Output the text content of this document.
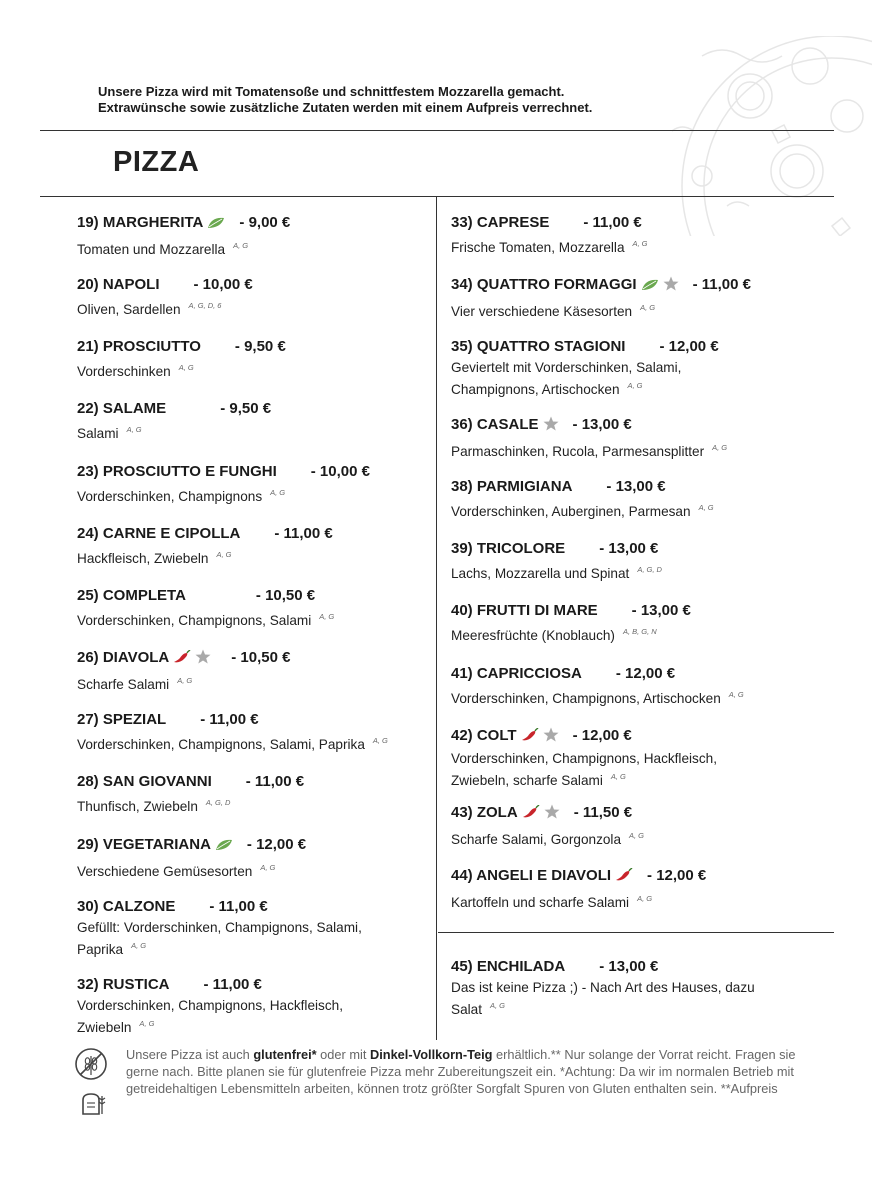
Unsere Pizza wird mit Tomatensoße und schnittfestem Mozzarella gemacht.
Extrawünsche sowie zusätzliche Zutaten werden mit einem Aufpreis verrechnet.
PIZZA
19) MARGHERITA - 9,00 €
Tomaten und Mozzarella $^{A, G}$
20) NAPOLI - 10,00 €
Oliven, Sardellen $^{A, G, D, 6}$
21) PROSCIUTTO - 9,50 €
Vorderschinken $^{A, G}$
22) SALAME	- 9,50 €
Salami $^{A, G}$
23) PROSCIUTTO E FUNGHI - 10,00 €
Vorderschinken, Champignons $^{A, G}$
24) CARNE E CIPOLLA - 11,00 €
Hackfleisch, Zwiebeln $^{A, G}$
25) COMPLETA	- 10,50 €
Vorderschinken, Champignons, Salami $^{A, G}$
26) DIAVOLA	- 10,50 €
Scharfe Salami $^{A, G}$
27) SPEZIAL - 11,00 €
Vorderschinken, Champignons, Salami, Paprika $^{A, G}$
28) SAN GIOVANNI - 11,00 €
Thunfisch, Zwiebeln $^{A, G, D}$
29) VEGETARIANA - 12,00 €
Verschiedene Gemüsesorten $^{A, G}$
30) CALZONE - 11,00 €
Gefüllt: Vorderschinken, Champignons, Salami, Paprika $^{A, G}$
32) RUSTICA - 11,00 €
Vorderschinken, Champignons, Hackfleisch, Zwiebeln $^{A, G}$
33) CAPRESE - 11,00 €
Frische Tomaten, Mozzarella $^{A, G}$
34) QUATTRO FORMAGGI	- 11,00 €
Vier verschiedene Käsesorten $^{A, G}$
35) QUATTRO STAGIONI - 12,00 €
Geviertelt mit Vorderschinken, Salami, Champignons, Artischocken $^{A, G}$
36) CASALE - 13,00 €
Parmaschinken, Rucola, Parmesansplitter $^{A, G}$
38) PARMIGIANA - 13,00 €
Vorderschinken, Auberginen, Parmesan $^{A, G}$
39) TRICOLORE - 13,00 €
Lachs, Mozzarella und Spinat $^{A, G, D}$
40) FRUTTI DI MARE - 13,00 €
Meeresfrüchte (Knoblauch) $^{A, B, G, N}$
41) CAPRICCIOSA - 12,00 €
Vorderschinken, Champignons, Artischocken $^{A, G}$
42) COLT	- 12,00 €
Vorderschinken, Champignons, Hackfleisch, Zwiebeln, scharfe Salami $^{A, G}$
43) ZOLA	- 11,50 €
Scharfe Salami, Gorgonzola $^{A, G}$
44) ANGELI E DIAVOLI - 12,00 €
Kartoffeln und scharfe Salami $^{A, G}$
45) ENCHILADA - 13,00 €
Das ist keine Pizza ;) - Nach Art des Hauses, dazu Salat $^{A, G}$
Unsere Pizza ist auch glutenfrei* oder mit Dinkel-Vollkorn-Teig erhältlich.** Nur solange der Vorrat reicht. Fragen sie gerne nach. Bitte planen sie für glutenfreie Pizza mehr Zubereitungszeit ein. *Achtung: Da wir im normalen Betrieb mit getreidehaltigen Lebensmitteln arbeiten, können trotz größter Sorgfalt Spuren von Gluten enthalten sein. **Aufpreis
